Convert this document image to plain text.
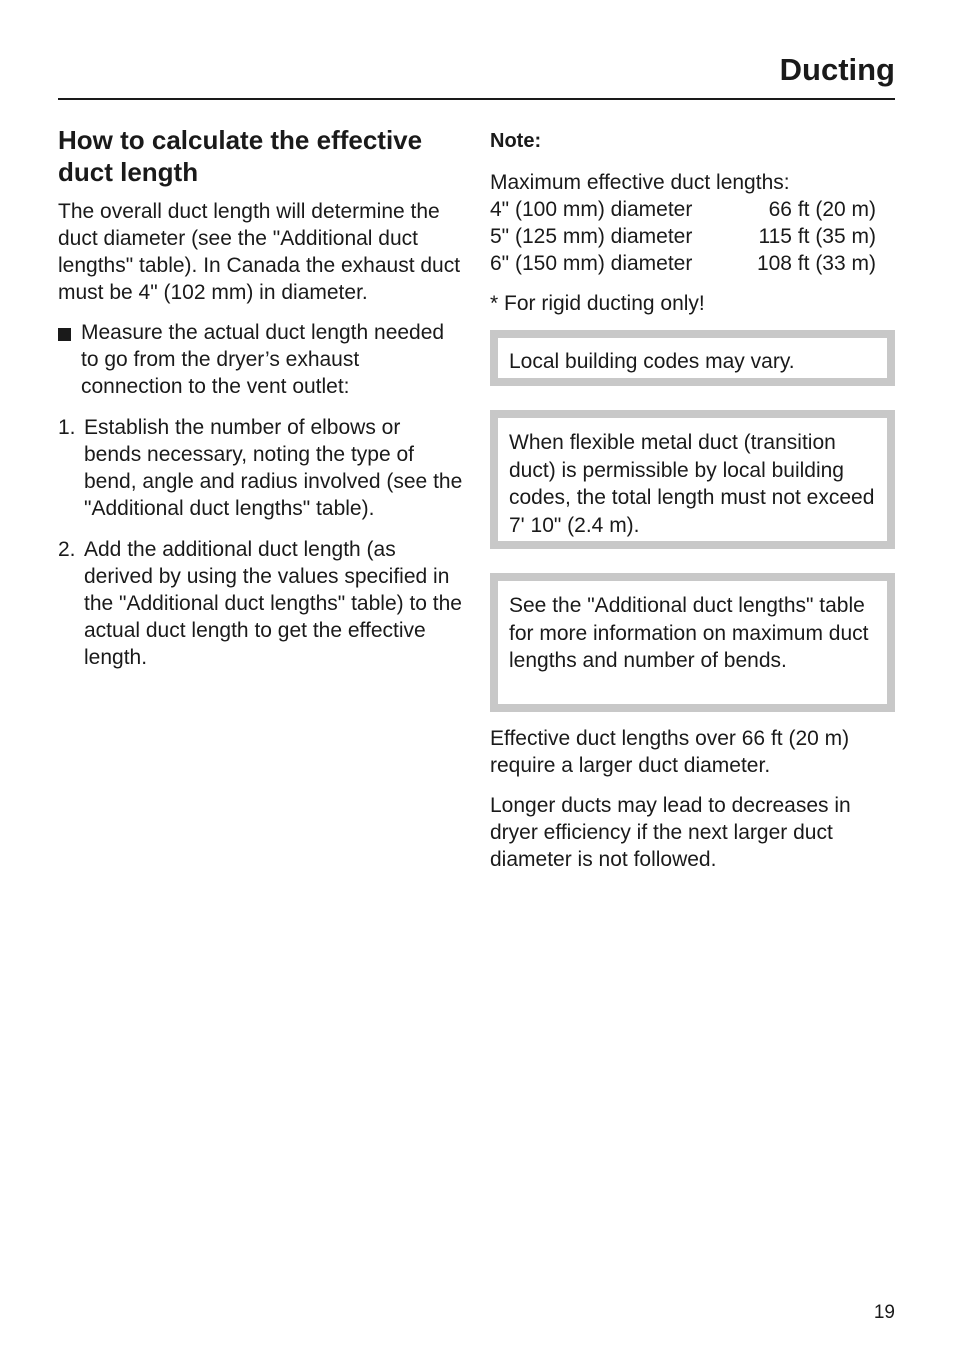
Ducting
How to calculate the effective duct length

The overall duct length will determine the duct diameter (see the "Additional duct lengths" table). In Canada the exhaust duct must be 4" (102 mm) in diameter.

Measure the actual duct length needed to go from the dryer’s exhaust connection to the vent outlet:
1. Establish the number of elbows or bends necessary, noting the type of bend, angle and radius involved (see the "Additional duct lengths" table).
2. Add the additional duct length (as derived by using the values specified in the "Additional duct lengths" table) to the actual duct length to get the effective length.

Note:

Maximum effective duct lengths:

4" (100 mm) diameter	66 ft (20 m)
5" (125 mm) diameter	115 ft (35 m)
6" (150 mm) diameter	108 ft (33 m)

* For rigid ducting only!

Local building codes may vary.
When flexible metal duct (transition duct) is permissible by local building codes, the total length must not exceed 7' 10" (2.4 m).
See the "Additional duct lengths" table for more information on maximum duct lengths and number of bends.

Effective duct lengths over 66 ft (20 m) require a larger duct diameter.

Longer ducts may lead to decreases in dryer efficiency if the next larger duct diameter is not followed.

19
